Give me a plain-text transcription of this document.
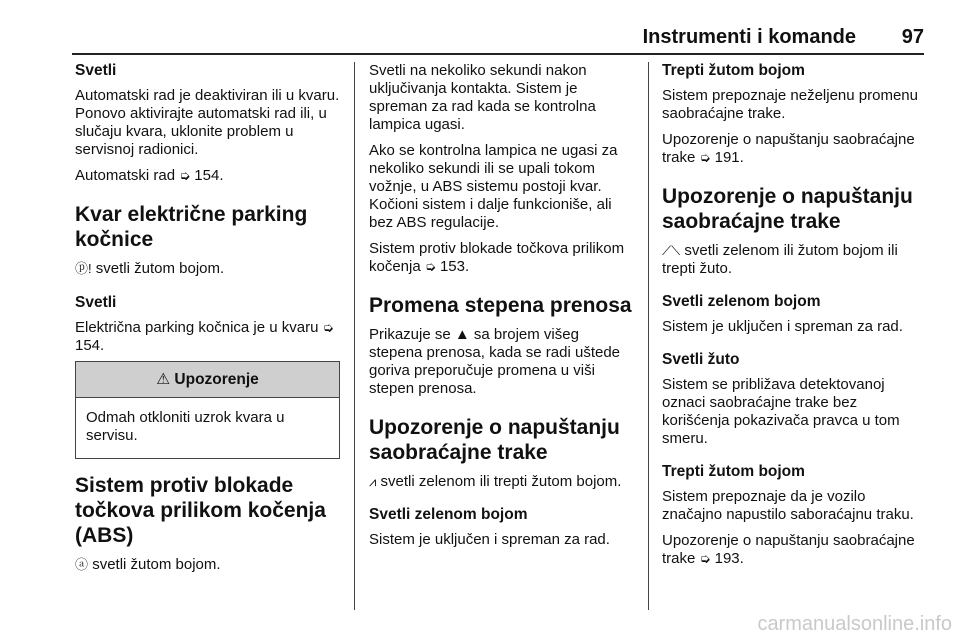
Instrumenti i komande 97
Svetli

Automatski rad je deaktiviran ili u kvaru. Ponovo aktivirajte automatski rad ili, u slučaju kvara, uklonite problem u servisnoj radionici.

Automatski rad ➭ 154.

Kvar električne parking kočnice

ⓟ! svetli žutom bojom.

Svetli

Električna parking kočnica je u kvaru ➭ 154.

⚠ Upozorenje
Odmah otkloniti uzrok kvara u servisu.
Sistem protiv blokade točkova prilikom kočenja (ABS)

ⓐ svetli žutom bojom.

Svetli na nekoliko sekundi nakon uključivanja kontakta. Sistem je spreman za rad kada se kontrolna lampica ugasi.

Ako se kontrolna lampica ne ugasi za nekoliko sekundi ili se upali tokom vožnje, u ABS sistemu postoji kvar. Kočioni sistem i dalje funkcioniše, ali bez ABS regulacije.

Sistem protiv blokade točkova prilikom kočenja ➭ 153.

Promena stepena prenosa

Prikazuje se ▲ sa brojem višeg stepena prenosa, kada se radi uštede goriva preporučuje promena u viši stepen prenosa.

Upozorenje o napuštanju saobraćajne trake

⩘ svetli zelenom ili trepti žutom bojom.

Svetli zelenom bojom

Sistem je uključen i spreman za rad.

Trepti žutom bojom

Sistem prepoznaje neželjenu promenu saobraćajne trake.

Upozorenje o napuštanju saobraćajne trake ➭ 191.

Upozorenje o napuštanju saobraćajne trake

⟋⟍ svetli zelenom ili žutom bojom ili trepti žuto.

Svetli zelenom bojom

Sistem je uključen i spreman za rad.

Svetli žuto

Sistem se približava detektovanoj oznaci saobraćajne trake bez korišćenja pokazivača pravca u tom smeru.

Trepti žutom bojom

Sistem prepoznaje da je vozilo značajno napustilo saboraćajnu traku.

Upozorenje o napuštanju saobraćajne trake ➭ 193.

carmanualsonline.info
